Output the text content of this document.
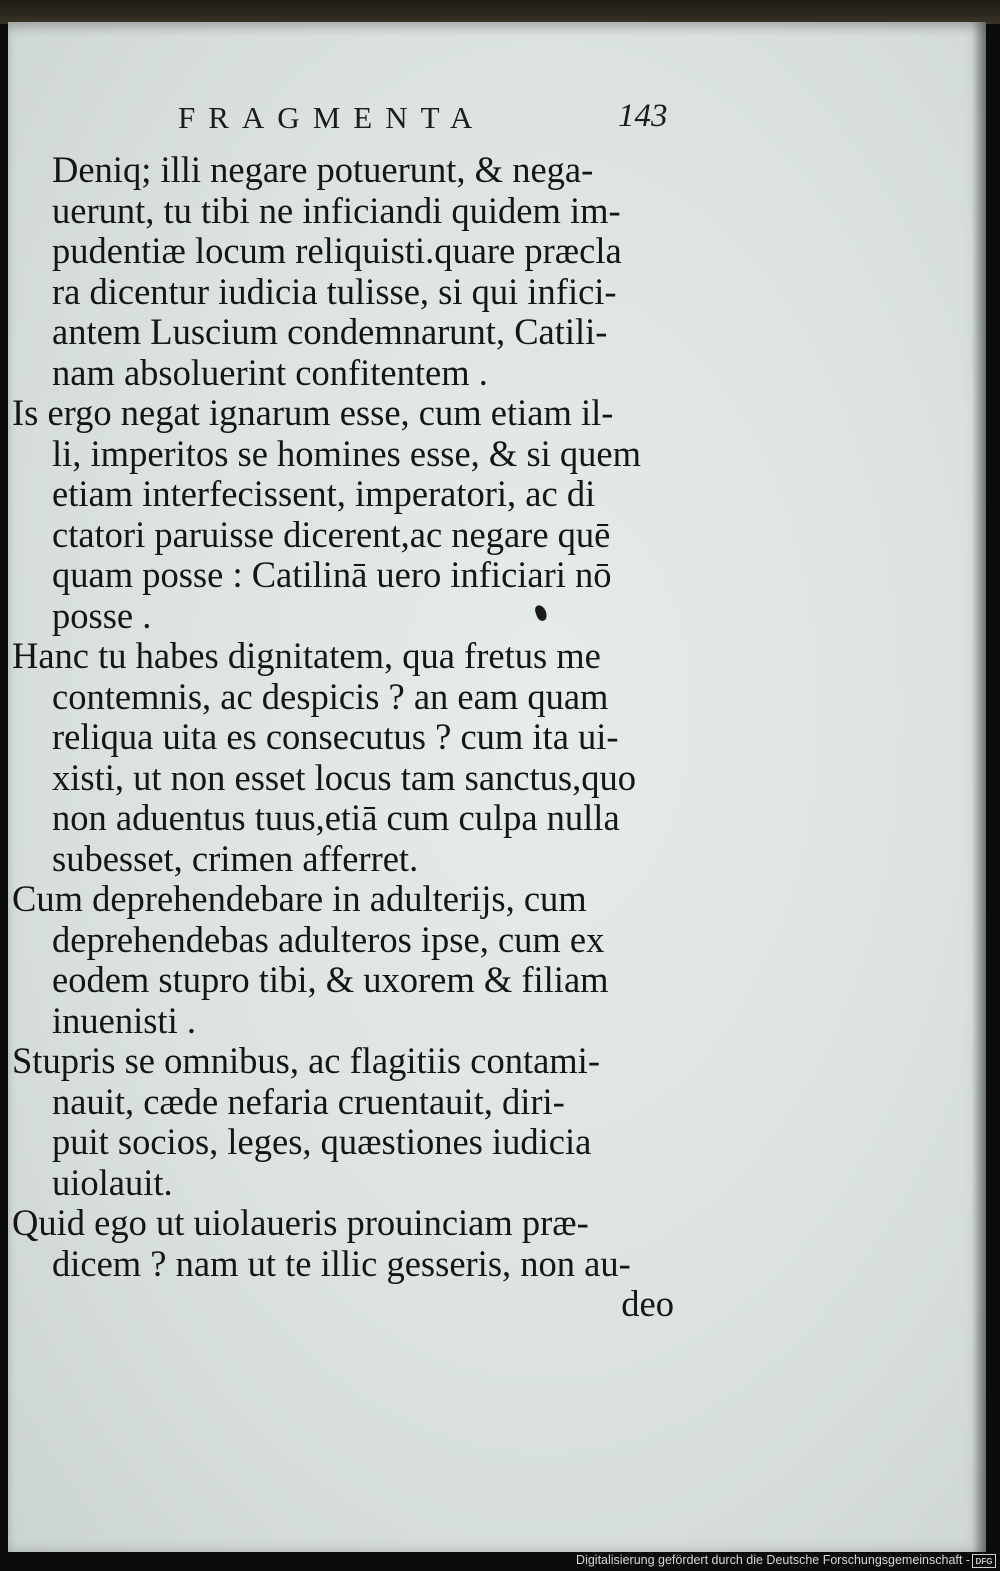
FRAGMENTA	143

Deniq; illi negare potuerunt, & nega-
uerunt, tu tibi ne inficiandi quidem im-
pudentiæ locum reliquisti.quare præcla
ra dicentur iudicia tulisse, si qui infici-
antem Luscium condemnarunt, Catili-
nam absoluerint confitentem .

Is ergo negat ignarum esse, cum etiam il-
li, imperitos se homines esse, & si quem
etiam interfecissent, imperatori, ac di
ctatori paruisse dicerent,ac negare quē
quam posse : Catilinā uero inficiari nō
posse .

Hanc tu habes dignitatem, qua fretus me
contemnis, ac despicis ? an eam quam
reliqua uita es consecutus ? cum ita ui-
xisti, ut non esset locus tam sanctus,quo
non aduentus tuus,etiā cum culpa nulla
subesset, crimen afferret.

Cum deprehendebare in adulterijs, cum
deprehendebas adulteros ipse, cum ex
eodem stupro tibi, & uxorem & filiam
inuenisti .

Stupris se omnibus, ac flagitiis contami-
nauit, cæde nefaria cruentauit, diri-
puit socios, leges, quæstiones iudicia
uiolauit.

Quid ego ut uiolaueris prouinciam præ-
dicem ? nam ut te illic gesseris, non au-
deo

Digitalisierung gefördert durch die Deutsche Forschungsgemeinschaft - DFG
